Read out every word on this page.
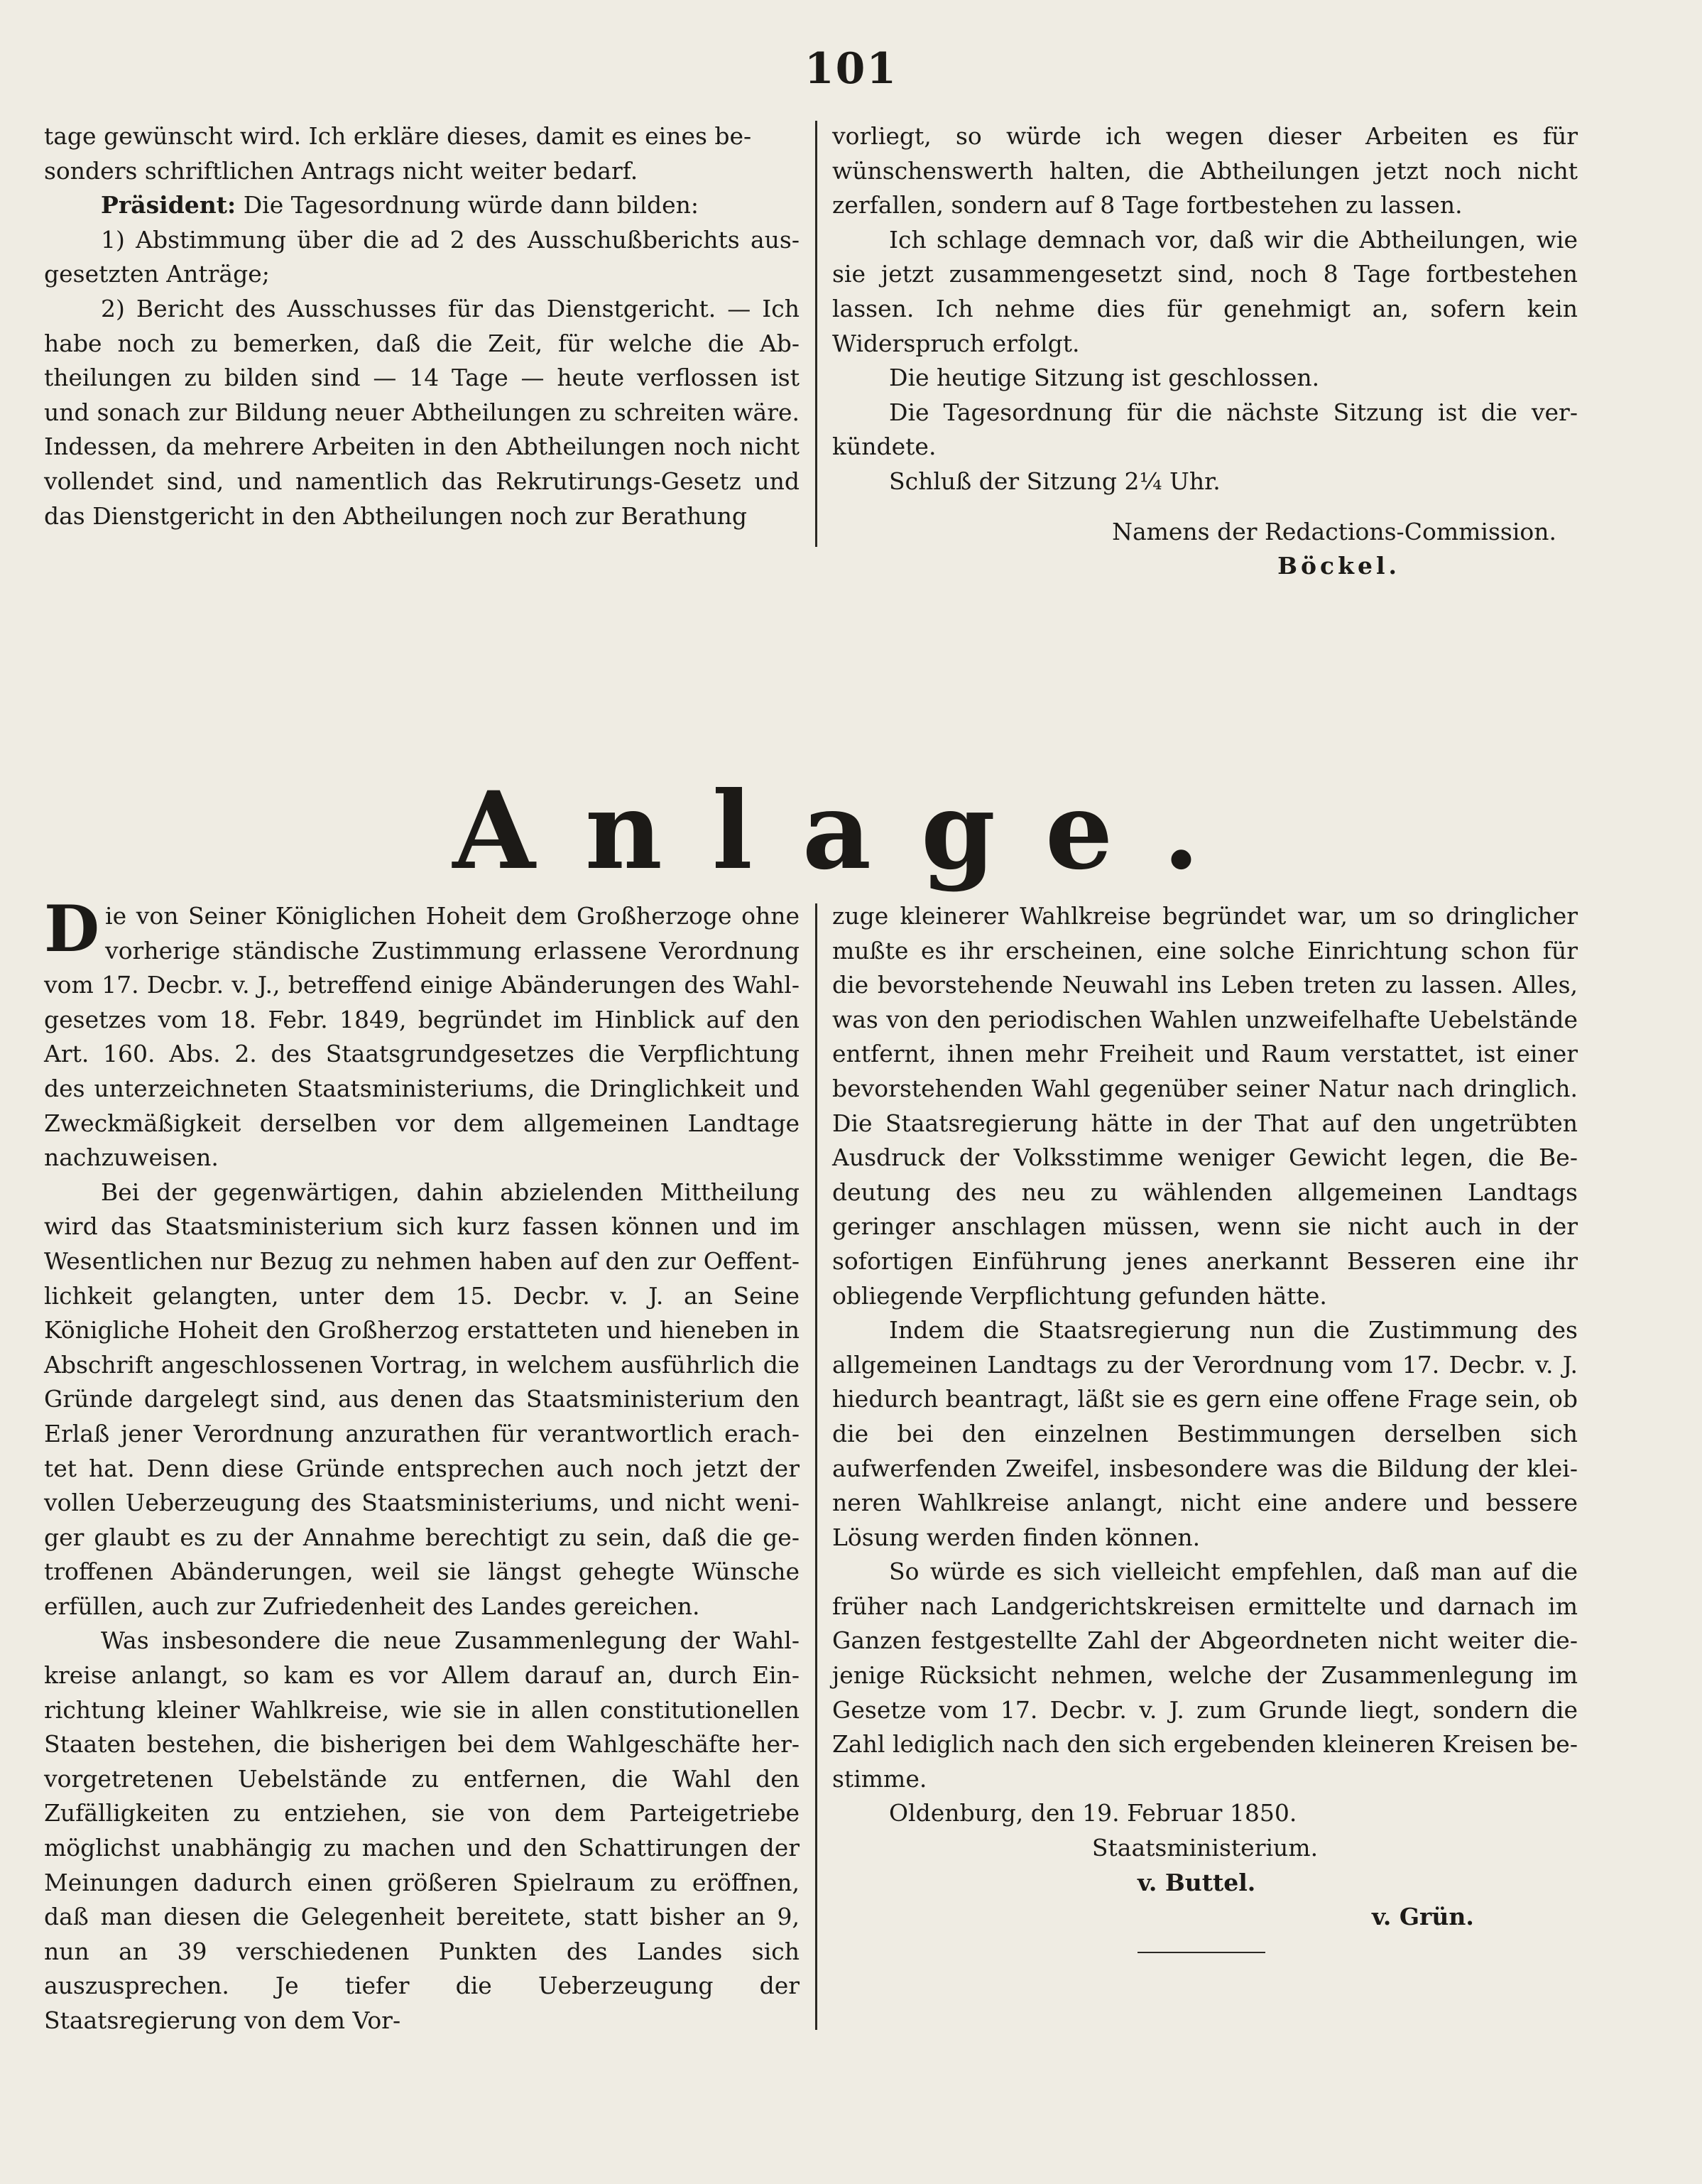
101

tage gewünscht wird. Ich erkläre dieses, damit es eines be-

sonders schriftlichen Antrags nicht weiter bedarf.

Präsident: Die Tagesordnung würde dann bilden:

1) Abstimmung über die ad 2 des Ausschußberichts ausgesetzten Anträge;

2) Bericht des Ausschusses für das Dienstgericht. — Ich habe noch zu bemerken, daß die Zeit, für welche die Abtheilungen zu bilden sind — 14 Tage — heute verflossen ist und sonach zur Bildung neuer Abtheilungen zu schreiten wäre. Indessen, da mehrere Arbeiten in den Abtheilungen noch nicht vollendet sind, und namentlich das Rekrutirungs-Gesetz und das Dienstgericht in den Abtheilungen noch zur Berathung

vorliegt, so würde ich wegen dieser Arbeiten es für wünschenswerth halten, die Abtheilungen jetzt noch nicht zerfallen, sondern auf 8 Tage fortbestehen zu lassen.

Ich schlage demnach vor, daß wir die Abtheilungen, wie sie jetzt zusammengesetzt sind, noch 8 Tage fortbestehen lassen. Ich nehme dies für genehmigt an, sofern kein Widerspruch erfolgt.

Die heutige Sitzung ist geschlossen.

Die Tagesordnung für die nächste Sitzung ist die verkündete.

Schluß der Sitzung 2¼ Uhr.

Namens der Redactions-Commission.

Böckel.

Anlage.

Die von Seiner Königlichen Hoheit dem Großherzoge ohne vorherige ständische Zustimmung erlassene Verordnung vom 17. Decbr. v. J., betreffend einige Abänderungen des Wahlgesetzes vom 18. Febr. 1849, begründet im Hinblick auf den Art. 160. Abs. 2. des Staatsgrundgesetzes die Verpflichtung des unterzeichneten Staatsministeriums, die Dringlichkeit und Zweckmäßigkeit derselben vor dem allgemeinen Landtage nachzuweisen.

Bei der gegenwärtigen, dahin abzielenden Mittheilung wird das Staatsministerium sich kurz fassen können und im Wesentlichen nur Bezug zu nehmen haben auf den zur Oeffentlichkeit gelangten, unter dem 15. Decbr. v. J. an Seine Königliche Hoheit den Großherzog erstatteten und hieneben in Abschrift angeschlossenen Vortrag, in welchem ausführlich die Gründe dargelegt sind, aus denen das Staatsministerium den Erlaß jener Verordnung anzurathen für verantwortlich erachtet hat. Denn diese Gründe entsprechen auch noch jetzt der vollen Ueberzeugung des Staatsministeriums, und nicht weniger glaubt es zu der Annahme berechtigt zu sein, daß die getroffenen Abänderungen, weil sie längst gehegte Wünsche erfüllen, auch zur Zufriedenheit des Landes gereichen.

Was insbesondere die neue Zusammenlegung der Wahlkreise anlangt, so kam es vor Allem darauf an, durch Einrichtung kleiner Wahlkreise, wie sie in allen constitutionellen Staaten bestehen, die bisherigen bei dem Wahlgeschäfte hervorgetretenen Uebelstände zu entfernen, die Wahl den Zufälligkeiten zu entziehen, sie von dem Parteigetriebe möglichst unabhängig zu machen und den Schattirungen der Meinungen dadurch einen größeren Spielraum zu eröffnen, daß man diesen die Gelegenheit bereitete, statt bisher an 9, nun an 39 verschiedenen Punkten des Landes sich auszusprechen. Je tiefer die Ueberzeugung der Staatsregierung von dem Vor-

zuge kleinerer Wahlkreise begründet war, um so dringlicher mußte es ihr erscheinen, eine solche Einrichtung schon für die bevorstehende Neuwahl ins Leben treten zu lassen. Alles, was von den periodischen Wahlen unzweifelhafte Uebelstände entfernt, ihnen mehr Freiheit und Raum verstattet, ist einer bevorstehenden Wahl gegenüber seiner Natur nach dringlich. Die Staatsregierung hätte in der That auf den ungetrübten Ausdruck der Volksstimme weniger Gewicht legen, die Bedeutung des neu zu wählenden allgemeinen Landtags geringer anschlagen müssen, wenn sie nicht auch in der sofortigen Einführung jenes anerkannt Besseren eine ihr obliegende Verpflichtung gefunden hätte.

Indem die Staatsregierung nun die Zustimmung des allgemeinen Landtags zu der Verordnung vom 17. Decbr. v. J. hiedurch beantragt, läßt sie es gern eine offene Frage sein, ob die bei den einzelnen Bestimmungen derselben sich aufwerfenden Zweifel, insbesondere was die Bildung der kleineren Wahlkreise anlangt, nicht eine andere und bessere Lösung werden finden können.

So würde es sich vielleicht empfehlen, daß man auf die früher nach Landgerichtskreisen ermittelte und darnach im Ganzen festgestellte Zahl der Abgeordneten nicht weiter diejenige Rücksicht nehmen, welche der Zusammenlegung im Gesetze vom 17. Decbr. v. J. zum Grunde liegt, sondern die Zahl lediglich nach den sich ergebenden kleineren Kreisen bestimme.

Oldenburg, den 19. Februar 1850.

Staatsministerium.

v. Buttel.

v. Grün.
